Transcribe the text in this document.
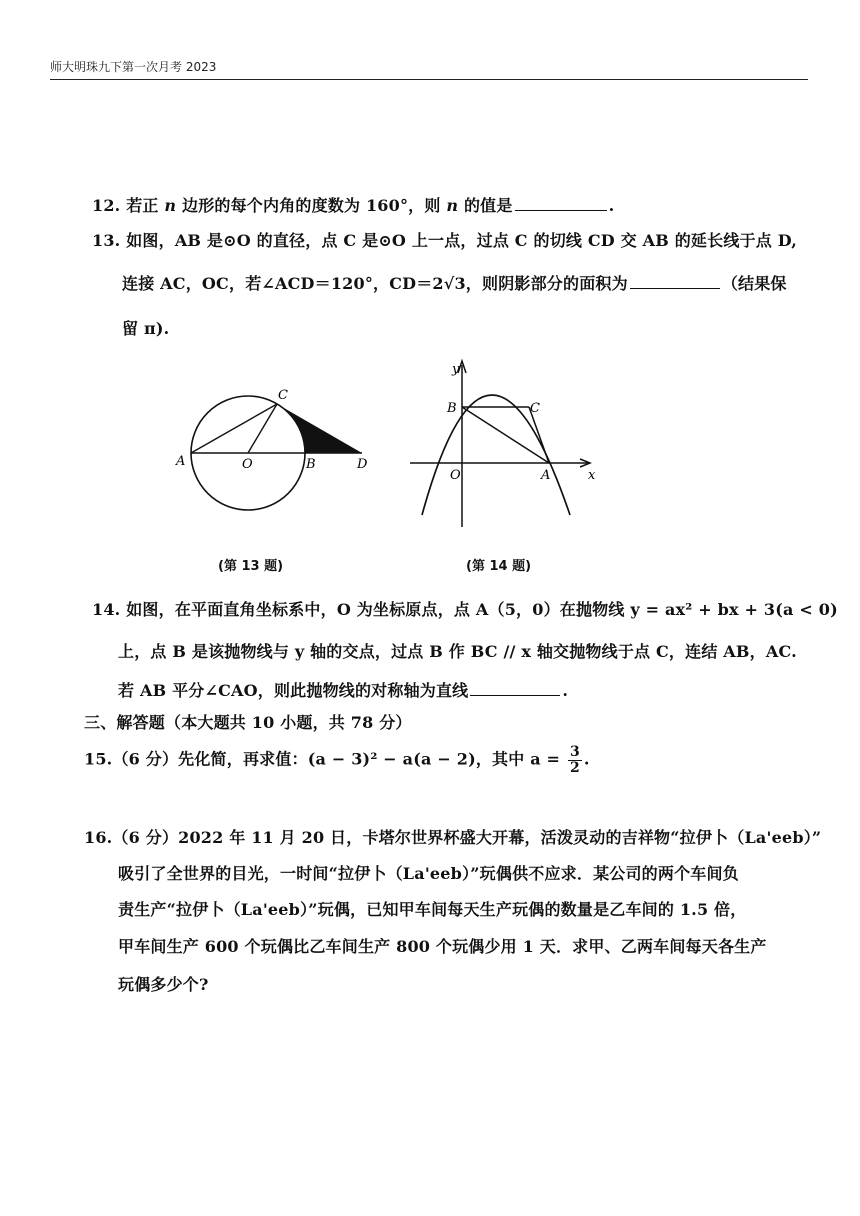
师大明珠九下第一次月考 2023
12. 若正 n 边形的每个内角的度数为 160°，则 n 的值是	.
13. 如图，AB 是⊙O 的直径，点 C 是⊙O 上一点，过点 C 的切线 CD 交 AB 的延长线于点 D,
连接 AC，OC，若∠ACD＝120°，CD＝2√3，则阴影部分的面积为	（结果保
留 π).
A	O	B
C
D
(第 13 题)
y
x
O	A
B	C
(第 14 题)
14. 如图，在平面直角坐标系中，O 为坐标原点，点 A（5，0）在抛物线 y = ax² + bx + 3(a < 0)
上，点 B 是该抛物线与 y 轴的交点，过点 B 作 BC // x 轴交抛物线于点 C，连结 AB，AC.
若 AB 平分∠CAO，则此抛物线的对称轴为直线	.
三、解答题（本大题共 10 小题，共 78 分）
15.（6 分）先化简，再求值：(a − 3)² − a(a − 2)，其中 $a = \frac{3}{2}$ .
16.（6 分）2022 年 11 月 20 日，卡塔尔世界杯盛大开幕，活泼灵动的吉祥物“拉伊卜（La'eeb）”
吸引了全世界的目光，一时间“拉伊卜（La'eeb）”玩偶供不应求．某公司的两个车间负
责生产“拉伊卜（La'eeb）”玩偶，已知甲车间每天生产玩偶的数量是乙车间的 1.5 倍，
甲车间生产 600 个玩偶比乙车间生产 800 个玩偶少用 1 天．求甲、乙两车间每天各生产
玩偶多少个?
